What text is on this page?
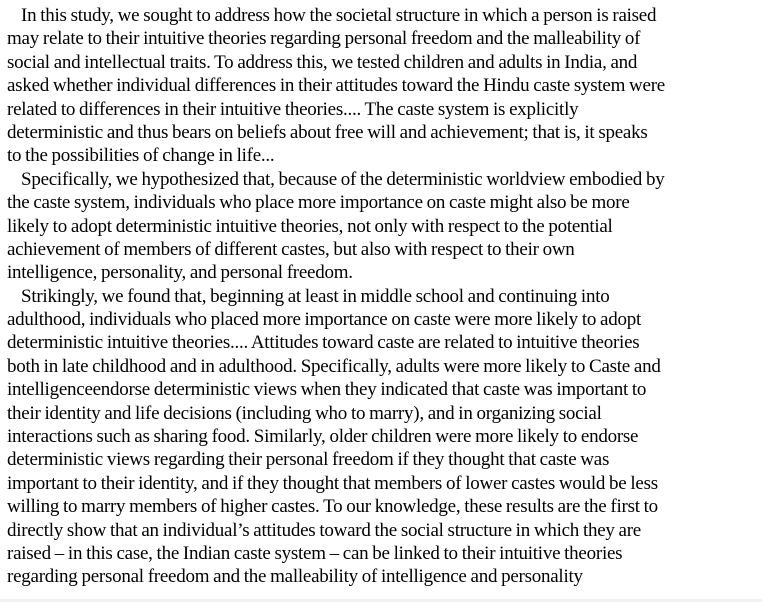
In this study, we sought to address how the societal structure in which a person is raised
may relate to their intuitive theories regarding personal freedom and the malleability of
social and intellectual traits. To address this, we tested children and adults in India, and
asked whether individual differences in their attitudes toward the Hindu caste system were
related to differences in their intuitive theories.... The caste system is explicitly
deterministic and thus bears on beliefs about free will and achievement; that is, it speaks
to the possibilities of change in life...

Specifically, we hypothesized that, because of the deterministic worldview embodied by
the caste system, individuals who place more importance on caste might also be more
likely to adopt deterministic intuitive theories, not only with respect to the potential
achievement of members of different castes, but also with respect to their own
intelligence, personality, and personal freedom.

Strikingly, we found that, beginning at least in middle school and continuing into
adulthood, individuals who placed more importance on caste were more likely to adopt
deterministic intuitive theories.... Attitudes toward caste are related to intuitive theories
both in late childhood and in adulthood. Specifically, adults were more likely to Caste and
intelligenceendorse deterministic views when they indicated that caste was important to
their identity and life decisions (including who to marry), and in organizing social
interactions such as sharing food. Similarly, older children were more likely to endorse
deterministic views regarding their personal freedom if they thought that caste was
important to their identity, and if they thought that members of lower castes would be less
willing to marry members of higher castes. To our knowledge, these results are the first to
directly show that an individual’s attitudes toward the social structure in which they are
raised – in this case, the Indian caste system – can be linked to their intuitive theories
regarding personal freedom and the malleability of intelligence and personality
